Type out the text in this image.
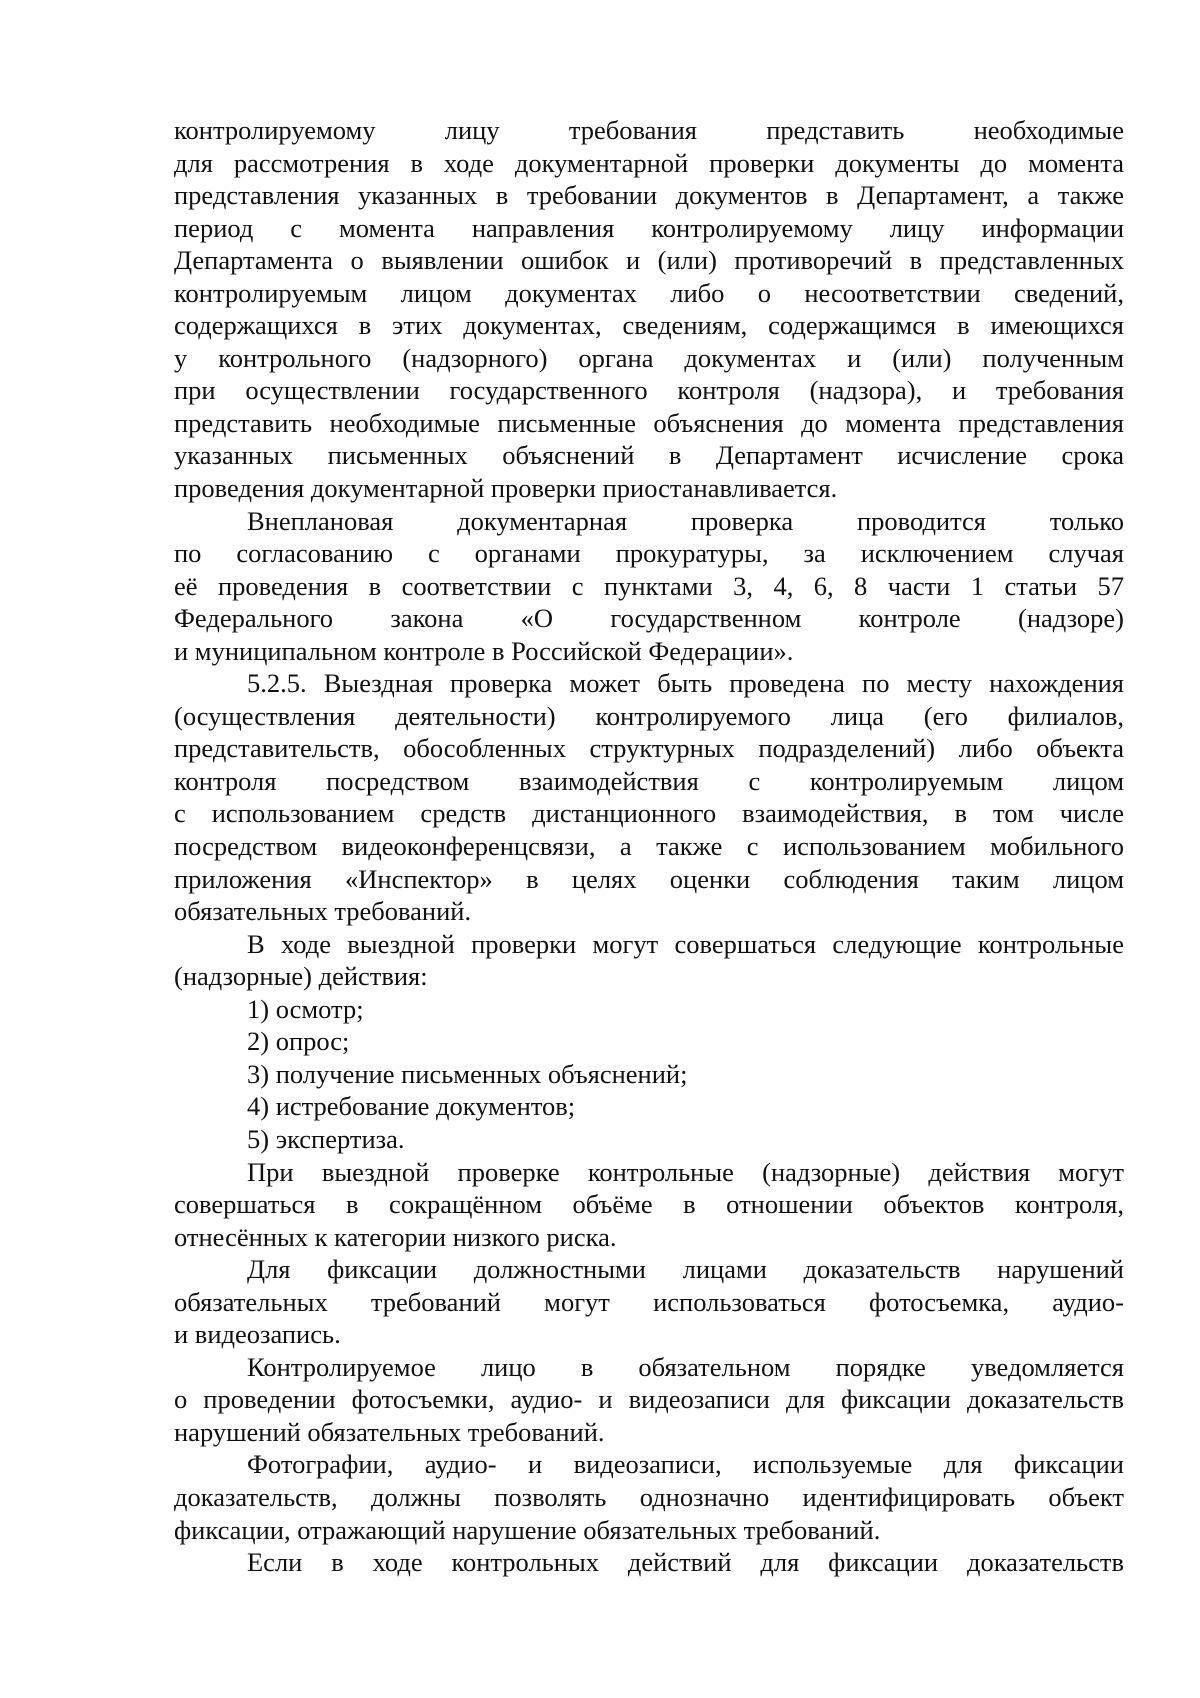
контролируемому лицу требования представить необходимые
для рассмотрения в ходе документарной проверки документы до момента
представления указанных в требовании документов в Департамент, а также
период с момента направления контролируемому лицу информации
Департамента о выявлении ошибок и (или) противоречий в представленных
контролируемым лицом документах либо о несоответствии сведений,
содержащихся в этих документах, сведениям, содержащимся в имеющихся
у контрольного (надзорного) органа документах и (или) полученным
при осуществлении государственного контроля (надзора), и требования
представить необходимые письменные объяснения до момента представления
указанных письменных объяснений в Департамент исчисление срока
проведения документарной проверки приостанавливается.
Внеплановая документарная проверка проводится только
по согласованию с органами прокуратуры, за исключением случая
её проведения в соответствии с пунктами 3, 4, 6, 8 части 1 статьи 57
Федерального закона «О государственном контроле (надзоре)
и муниципальном контроле в Российской Федерации».
5.2.5. Выездная проверка может быть проведена по месту нахождения
(осуществления деятельности) контролируемого лица (его филиалов,
представительств, обособленных структурных подразделений) либо объекта
контроля посредством взаимодействия с контролируемым лицом
с использованием средств дистанционного взаимодействия, в том числе
посредством видеоконференцсвязи, а также с использованием мобильного
приложения «Инспектор» в целях оценки соблюдения таким лицом
обязательных требований.
В ходе выездной проверки могут совершаться следующие контрольные
(надзорные) действия:
1) осмотр;
2) опрос;
3) получение письменных объяснений;
4) истребование документов;
5) экспертиза.
При выездной проверке контрольные (надзорные) действия могут
совершаться в сокращённом объёме в отношении объектов контроля,
отнесённых к категории низкого риска.
Для фиксации должностными лицами доказательств нарушений
обязательных требований могут использоваться фотосъемка, аудио-
и видеозапись.
Контролируемое лицо в обязательном порядке уведомляется
о проведении фотосъемки, аудио- и видеозаписи для фиксации доказательств
нарушений обязательных требований.
Фотографии, аудио- и видеозаписи, используемые для фиксации
доказательств, должны позволять однозначно идентифицировать объект
фиксации, отражающий нарушение обязательных требований.
Если в ходе контрольных действий для фиксации доказательств
